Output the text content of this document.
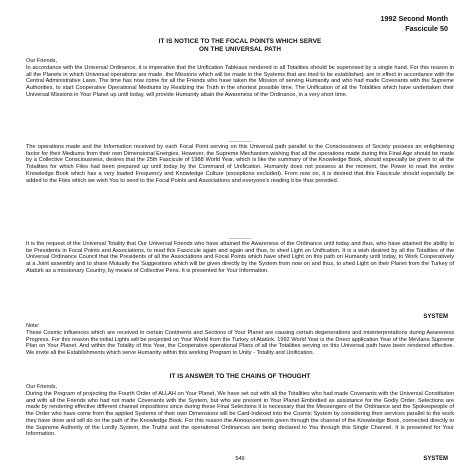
1992 Second Month
Fascicule 50
IT IS NOTICE TO THE FOCAL POINTS WHICH SERVE
ON THE UNIVERSAL PATH
Our Friends,
In accordance with the Universal Ordinance, it is imperative that the Unification Tableaux rendered in all Totalities should be supervised by a single hand. For this reason in all the Planets in which Universal operations are made, the Missions which will be made in the Systems that are tried to be established, are in effect in accordance with the Central Administrative Laws. The time has now come for all the Friends who have taken the Mission of serving Humanity and who had made Covenants with the Supreme Authorities, to start Cooperative Operational Mediums by Realizing the Truth in the shortest possible time. The Unification of all the Totalities which have undertaken their Universal Missions in Your Planet up until today, will provide Humanity attain the Awareness of the Ordinance, in a very short time.
------------------
The operations made and the Information received by each Focal Point serving on this Universal path parallel to the Consciousness of Society possess an enlightening factor for their Mediums from their own Dimensional Energies. However, the Supreme Mechanism wishing that all the operations made during this Final Age should be made by a Collective Consciousness, desires that the 25th Fascicule of 1988 World Year, which is like the summary of the Knowledge Book, should especially be given to all the Totalities for which Files had been prepared up until today by the Command of Unification. Humanity does not possess at the moment, the Power to read the entire Knowledge Book which has a very loaded Frequency and Knowledge Culture (exceptions excluded). From now on, it is desired that this Fascicule should especially be added to the Files which we wish You to send to the Focal Points and Associations and everyone's reading it be thus provided.
------------------
It is the request of the Universal Totality that Our Universal Friends who have attained the Awareness of the Ordinance until today and thus, who have attained the ability to be Presidents in Focal Points and Associations, to read this Fascicule again and again and thus, to shed Light on Unification. It is a wish desired by all the Totalities of the Universal Ordinance Council that the Presidents of all the Associations and Focal Points which have shed Light on this path on Humanity until today, to Work Cooperatively at a Joint assembly and to share Mutually the Suggestions which will be given directly by the System from now on and thus, to shed Light on their Planet from the Turkey of Atatürk as a missionary Country, by means of Collective Pens. It is presented for Your Information.
SYSTEM
Note:
These Cosmic influences which are received in certain Continents and Sections of Your Planet are causing certain degenerations and misinterpretations during Awareness Progress. For this reason the initial Lights will be projected on Your World from the Turkey of Atatürk. 1992 World Year is the Direct application Year of the Mevlana Supreme Plan on Your Planet. And within the Totality of this Year, the Cooperative operational Plans of all the Totalities serving on this Universal path have been rendered effective. We invite all the Establishments which serve Humanity within this working Program to Unity - Totality and Unification.
IT IS ANSWER TO THE CHAINS OF THOUGHT
Our Friends,
During the Program of projecting the Fourth Order of ALLAH on Your Planet, We have set out with all the Totalities who had made Covenants with the Universal Constitution and with all the Friends who had not made Covenants with the System, but who are present in Your Planet Embodied as assistance for the Godly Order. Selections are made by rendering effective different channel impositions since during these Final Selections it is necessary that the Messengers of the Ordinance and the Spokespeople of the Order who have come from the applied Systems of their own Dimensions will be Card-Indexed into the Cosmic System by considering their services parallel to the work they have done and will do on the path of the Knowledge Book. For this reason the Announcements given through the channel of the Knowledge Book, connected directly to the Supreme Authority of the Lordly System, the Truths and the operational Ordinances are being declared to You through this Single Channel. It is presented for Your Information.
549	SYSTEM
